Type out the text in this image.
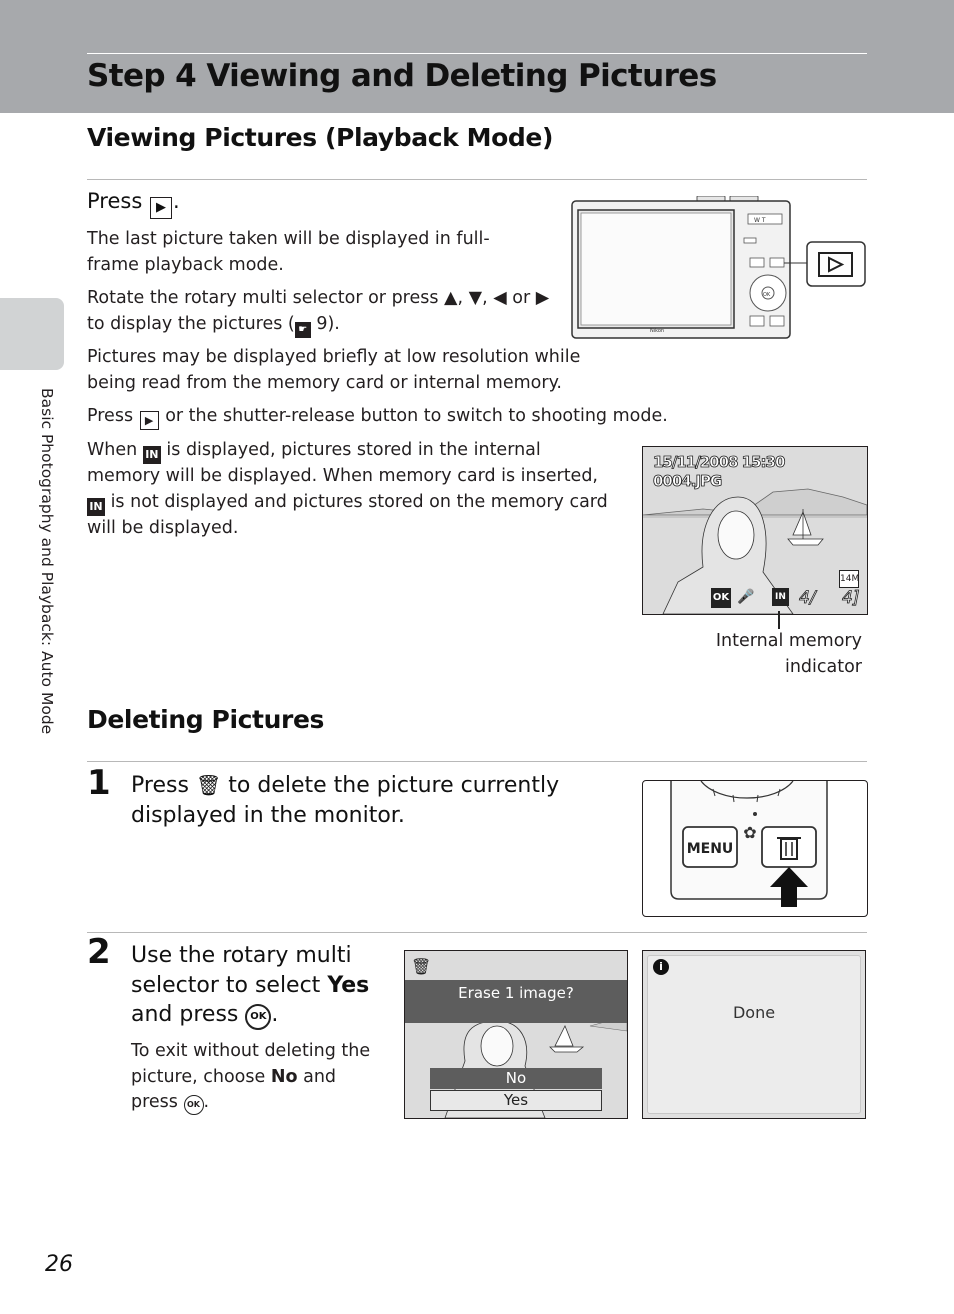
Step 4 Viewing and Deleting Pictures
Basic Photography and Playback: Auto Mode
Viewing Pictures (Playback Mode)
Press ▶ .
The last picture taken will be displayed in full-frame playback mode.
Rotate the rotary multi selector or press ▲, ▼, ◀ or ▶
to display the pictures ( ☛ 9).
Pictures may be displayed briefly at low resolution while being read from the memory card or internal memory.
Press ▶ or the shutter-release button to switch to shooting mode.
When IN is displayed, pictures stored in the internal memory will be displayed. When memory card is inserted, IN is not displayed and pictures stored on the memory card will be displayed.
Nikon
W T
OK
15/11/2008 15:30
0004.JPG
14M
OK 🎤	IN 4/ 4]
Internal memory
indicator
Deleting Pictures
1 Press 🗑 to delete the picture currently displayed in the monitor.
MENU
✿
2 Use the rotary multi selector to select Yes and press OK .
To exit without deleting the picture, choose No and press OK .
🗑
Erase 1 image?
No
Yes
i
Done
26
